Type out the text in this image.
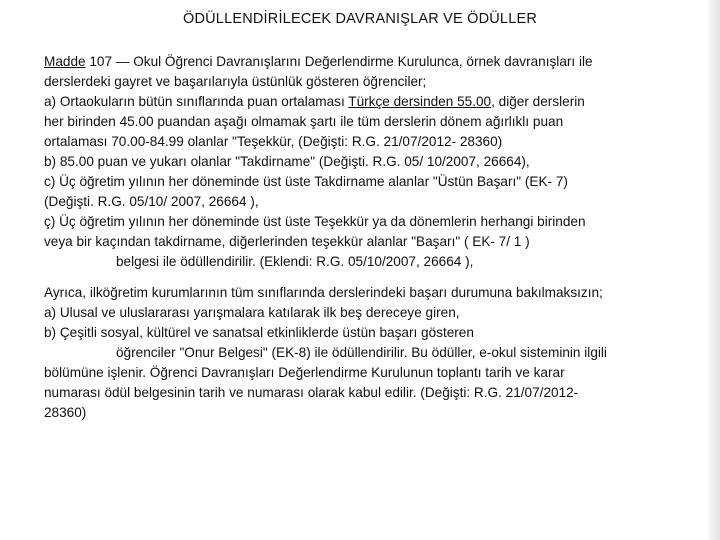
ÖDÜLLENDİRİLECEK DAVRANIŞLAR VE ÖDÜLLER
Madde 107 — Okul Öğrenci Davranışlarını Değerlendirme Kurulunca, örnek davranışları ile
derslerdeki gayret ve başarılarıyla üstünlük gösteren öğrenciler;
a) Ortaokuların bütün sınıflarında puan ortalaması Türkçe dersinden 55.00, diğer derslerin
her birinden 45.00 puandan aşağı olmamak şartı ile tüm derslerin dönem ağırlıklı puan
ortalaması 70.00-84.99 olanlar "Teşekkür, (Değişti: R.G. 21/07/2012- 28360)
b) 85.00 puan ve yukarı olanlar "Takdirname" (Değişti. R.G. 05/ 10/2007, 26664),
c) Üç öğretim yılının her döneminde üst üste Takdirname alanlar "Üstün Başarı" (EK- 7)
(Değişti. R.G. 05/10/ 2007, 26664 ),
ç) Üç öğretim yılının her döneminde üst üste Teşekkür ya da dönemlerin herhangi birinden
veya bir kaçından takdirname, diğerlerinden teşekkür alanlar "Başarı" ( EK- 7/ 1 )
belgesi ile ödüllendirilir. (Eklendi: R.G. 05/10/2007, 26664 ),
Ayrıca, ilköğretim kurumlarının tüm sınıflarında derslerindeki başarı durumuna bakılmaksızın;
a) Ulusal ve uluslararası yarışmalara katılarak ilk beş dereceye giren,
b) Çeşitli sosyal, kültürel ve sanatsal etkinliklerde üstün başarı gösteren
öğrenciler "Onur Belgesi" (EK-8) ile ödüllendirilir. Bu ödüller, e-okul sisteminin ilgili
bölümüne işlenir. Öğrenci Davranışları Değerlendirme Kurulunun toplantı tarih ve karar
numarası ödül belgesinin tarih ve numarası olarak kabul edilir. (Değişti: R.G. 21/07/2012-
28360)
